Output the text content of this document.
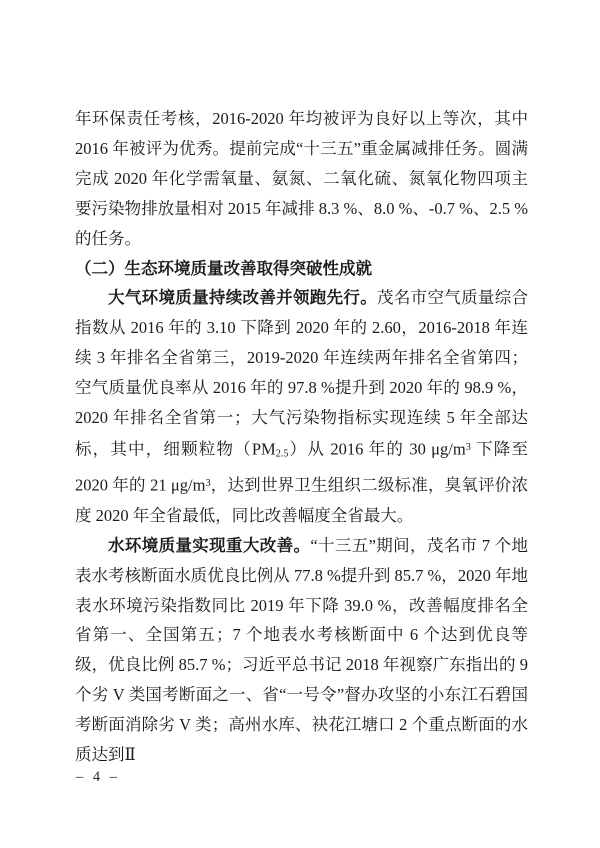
年环保责任考核，2016-2020 年均被评为良好以上等次，其中 2016 年被评为优秀。提前完成“十三五”重金属减排任务。圆满完成 2020 年化学需氧量、氨氮、二氧化硫、氮氧化物四项主要污染物排放量相对 2015 年减排 8.3 %、8.0 %、-0.7 %、2.5 %的任务。

（二）生态环境质量改善取得突破性成就

大气环境质量持续改善并领跑先行。茂名市空气质量综合指数从 2016 年的 3.10 下降到 2020 年的 2.60，2016-2018 年连续 3 年排名全省第三，2019-2020 年连续两年排名全省第四；空气质量优良率从 2016 年的 97.8 %提升到 2020 年的 98.9 %，2020 年排名全省第一；大气污染物指标实现连续 5 年全部达标，其中，细颗粒物$(PM_{2.5})$从 2016 年的 30 $\mu g/m^3$ 下降至 2020 年的 21 $\mu g/m^3$，达到世界卫生组织二级标准，臭氧评价浓度 2020 年全省最低，同比改善幅度全省最大。

水环境质量实现重大改善。“十三五”期间，茂名市 7 个地表水考核断面水质优良比例从 77.8 %提升到 85.7 %，2020 年地表水环境污染指数同比 2019 年下降 39.0 %，改善幅度排名全省第一、全国第五；7 个地表水考核断面中 6 个达到优良等级，优良比例 85.7 %；习近平总书记 2018 年视察广东指出的 9 个劣 V 类国考断面之一、省“一号令”督办攻坚的小东江石碧国考断面消除劣 V 类；高州水库、袂花江塘口 2 个重点断面的水质达到Ⅱ

– 4 –
